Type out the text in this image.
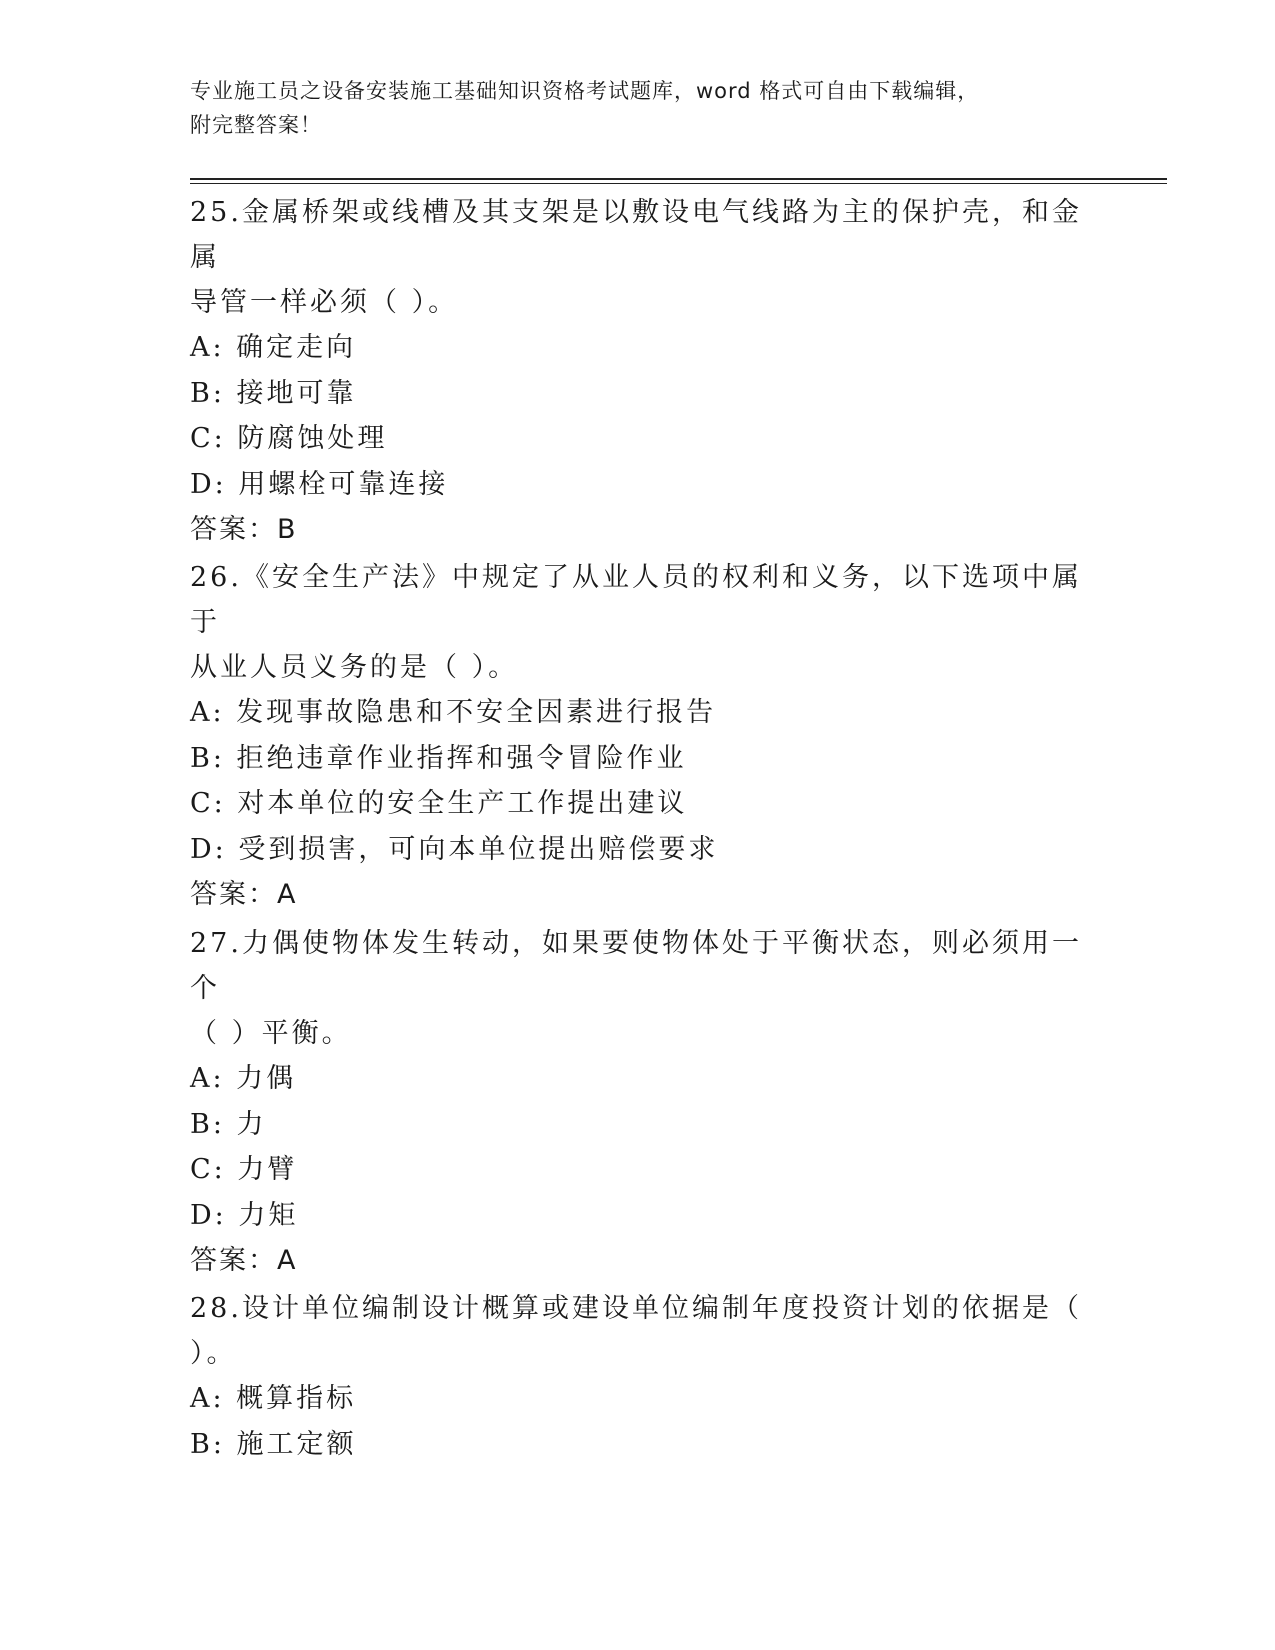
专业施工员之设备安装施工基础知识资格考试题库，word 格式可自由下载编辑，
附完整答案！
25.金属桥架或线槽及其支架是以敷设电气线路为主的保护壳，和金属
导管一样必须（ ）。
A: 确定走向
B: 接地可靠
C: 防腐蚀处理
D: 用螺栓可靠连接
答案：B
26.《安全生产法》中规定了从业人员的权利和义务，以下选项中属于
从业人员义务的是（ ）。
A: 发现事故隐患和不安全因素进行报告
B: 拒绝违章作业指挥和强令冒险作业
C: 对本单位的安全生产工作提出建议
D: 受到损害，可向本单位提出赔偿要求
答案：A
27.力偶使物体发生转动，如果要使物体处于平衡状态，则必须用一个
（ ）平衡。
A: 力偶
B: 力
C: 力臂
D: 力矩
答案：A
28.设计单位编制设计概算或建设单位编制年度投资计划的依据是（
）。
A: 概算指标
B: 施工定额
